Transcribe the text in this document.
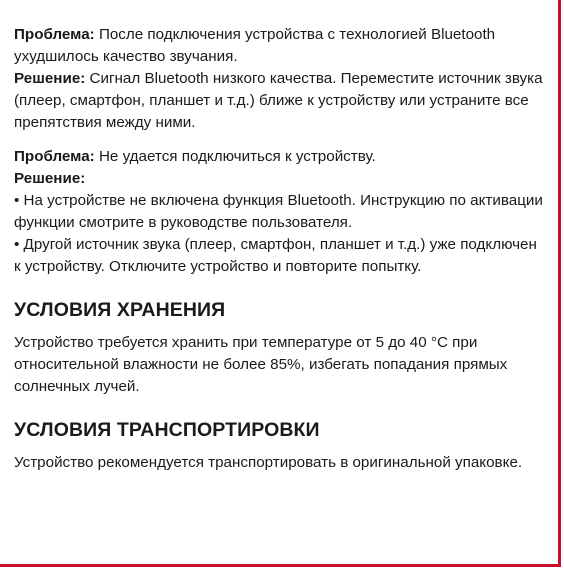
Проблема: После подключения устройства с технологией Bluetooth ухудшилось качество звучания.

Решение: Сигнал Bluetooth низкого качества. Переместите источник звука (плеер, смартфон, планшет и т.д.) ближе к устройству или устраните все препятствия между ними.

Проблема: Не удается подключиться к устройству.

Решение:

• На устройстве не включена функция Bluetooth. Инструкцию по активации функции смотрите в руководстве пользователя.

• Другой источник звука (плеер, смартфон, планшет и т.д.) уже подключен к устройству. Отключите устройство и повторите попытку.

УСЛОВИЯ ХРАНЕНИЯ

Устройство требуется хранить при температуре от 5 до 40 °С при относительной влажности не более 85%, избегать попадания прямых солнечных лучей.

УСЛОВИЯ ТРАНСПОРТИРОВКИ

Устройство рекомендуется транспортировать в оригинальной упаковке.
